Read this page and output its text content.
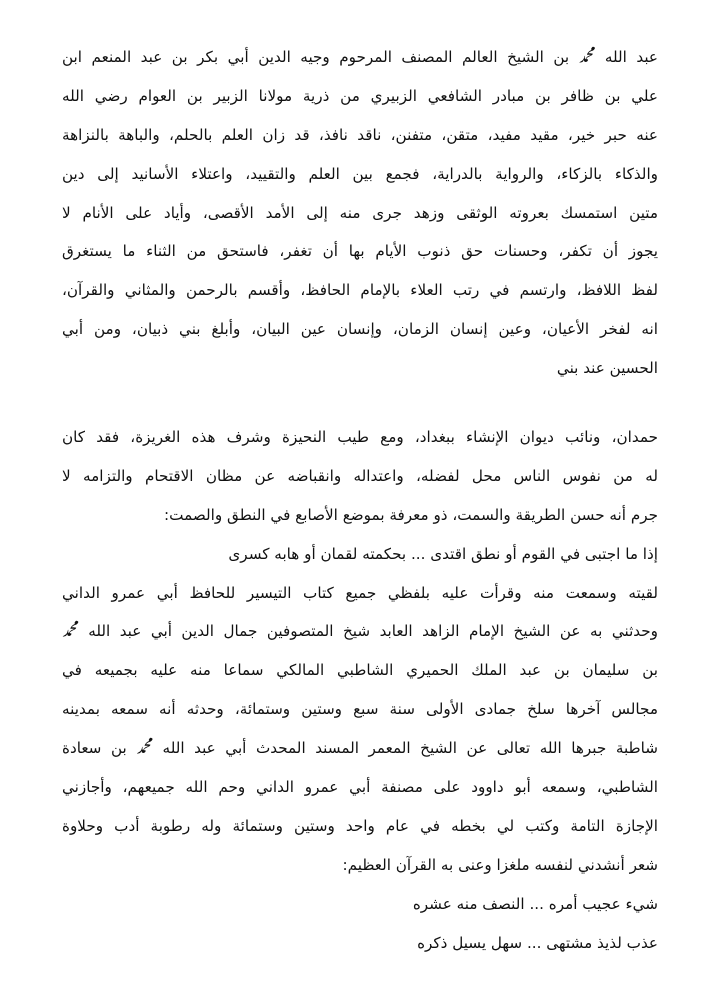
عبد الله ﷴ بن الشيخ العالم المصنف المرحوم وجيه الدين أبي بكر بن عبد المنعم ابن
علي بن ظافر بن مبادر الشافعي الزبيري من ذرية مولانا الزبير بن العوام رضي الله
عنه حبر خير، مقيد مفيد، متقن، متفنن، ناقد نافذ، قد زان العلم بالحلم، والباهة بالنزاهة
والذكاء بالزكاء، والرواية بالدراية، فجمع بين العلم والتقييد، واعتلاء الأسانيد إلى دين
متين استمسك بعروته الوثقى وزهد جرى منه إلى الأمد الأقصى، وأياد على الأنام لا
يجوز أن تكفر، وحسنات حق ذنوب الأيام بها أن تغفر، فاستحق من الثناء ما يستغرق
لفظ اللافظ، وارتسم في رتب العلاء بالإمام الحافظ، وأقسم بالرحمن والمثاني والقرآن،
انه لفخر الأعيان، وعين إنسان الزمان، وإنسان عين البيان، وأبلغ بني ذبيان، ومن أبي
الحسين عند بني
حمدان، ونائب ديوان الإنشاء ببغداد، ومع طيب النحيزة وشرف هذه الغريزة، فقد كان
له من نفوس الناس محل لفضله، واعتداله وانقباضه عن مظان الاقتحام والتزامه لا
جرم أنه حسن الطريقة والسمت، ذو معرفة بموضع الأصابع في النطق والصمت:
إذا ما اجتبى في القوم أو نطق اقتدى ... بحكمته لقمان أو هابه كسرى
لقيته وسمعت منه وقرأت عليه بلفظي جميع كتاب التيسير للحافظ أبي عمرو الداني
وحدثني به عن الشيخ الإمام الزاهد العابد شيخ المتصوفين جمال الدين أبي عبد الله ﷴ
بن سليمان بن عبد الملك الحميري الشاطبي المالكي سماعا منه عليه بجميعه في
مجالس آخرها سلخ جمادى الأولى سنة سبع وستين وستمائة، وحدثه أنه سمعه بمدينه
شاطبة جبرها الله تعالى عن الشيخ المعمر المسند المحدث أبي عبد الله ﷴ بن سعادة
الشاطبي، وسمعه أبو داوود على مصنفة أبي عمرو الداني وحم الله جميعهم، وأجازني
الإجازة التامة وكتب لي بخطه في عام واحد وستين وستمائة وله رطوبة أدب وحلاوة
شعر أنشدني لنفسه ملغزا وعنى به القرآن العظيم:
شيء عجيب أمره ... النصف منه عشره
عذب لذيذ مشتهى ... سهل يسيل ذكره
